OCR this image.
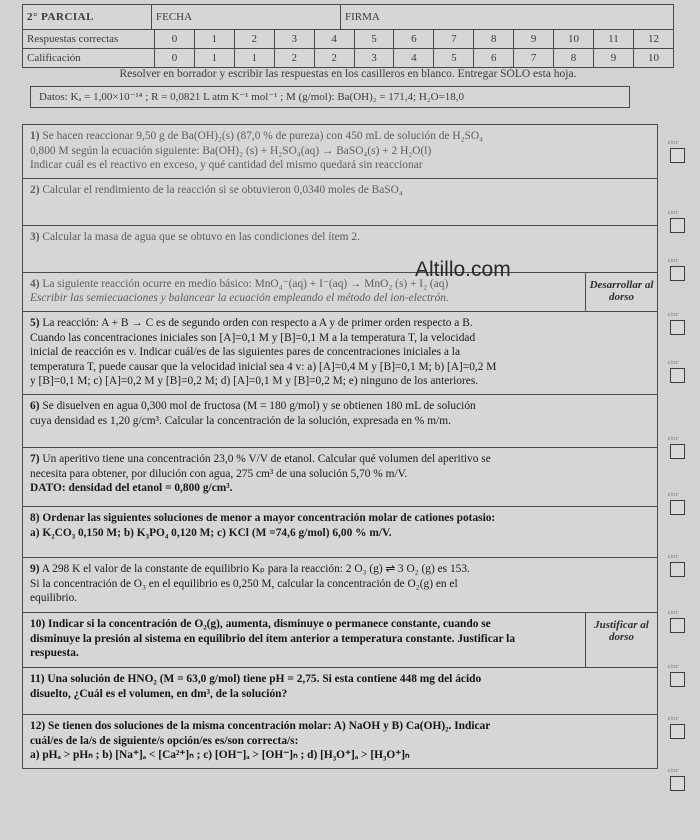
2° PARCIAL	FECHA	FIRMA
Respuestas correctas	0	1	2	3	4	5	6	7	8	9	10	11	12
Calificación	0	1	1	2	2	3	4	5	6	7	8	9	10
Resolver en borrador y escribir las respuestas en los casilleros en blanco. Entregar SÓLO esta hoja.
Datos: Kₐ = 1,00×10⁻¹⁴ ; R = 0,0821 L atm K⁻¹ mol⁻¹ ; M (g/mol): Ba(OH)₂ = 171,4; H₂O=18,0
1) Se hacen reaccionar 9,50 g de Ba(OH)₂(s) (87,0 % de pureza) con 450 mL de solución de H₂SO₄
0,800 M según la ecuación siguiente: Ba(OH)₂ (s) + H₂SO₄(aq) → BaSO₄(s) + 2 H₂O(l)
Indicar cuál es el reactivo en exceso, y qué cantidad del mismo quedará sin reaccionar
2) Calcular el rendimiento de la reacción si se obtuvieron 0,0340 moles de BaSO₄
3) Calcular la masa de agua que se obtuvo en las condiciones del ítem 2.
4) La siguiente reacción ocurre en medio básico: MnO₄⁻(aq) + I⁻(aq) → MnO₂ (s) + I₂ (aq)
Escribir las semiecuaciones y balancear la ecuación empleando el método del ion-electrón.
Desarrollar al dorso
5) La reacción: A + B → C es de segundo orden con respecto a A y de primer orden respecto a B.
Cuando las concentraciones iniciales son [A]=0,1 M y [B]=0,1 M a la temperatura T, la velocidad
inicial de reacción es v. Indicar cuál/es de las siguientes pares de concentraciones iniciales a la
temperatura T, puede causar que la velocidad inicial sea 4 v: a) [A]=0,4 M y [B]=0,1 M; b) [A]=0,2 M
y [B]=0,1 M; c) [A]=0,2 M y [B]=0,2 M; d) [A]=0,1 M y [B]=0,2 M; e) ninguno de los anteriores.
6) Se disuelven en agua 0,300 mol de fructosa (M = 180 g/mol) y se obtienen 180 mL de solución
cuya densidad es 1,20 g/cm³. Calcular la concentración de la solución, expresada en % m/m.
7) Un aperitivo tiene una concentración 23,0 % V/V de etanol. Calcular qué volumen del aperitivo se
necesita para obtener, por dilución con agua, 275 cm³ de una solución 5,70 % m/V.
DATO: densidad del etanol = 0,800 g/cm³.
8) Ordenar las siguientes soluciones de menor a mayor concentración molar de cationes potasio:
a) K₂CO₃ 0,150 M; b) K₃PO₄ 0,120 M; c) KCl (M =74,6 g/mol) 6,00 % m/V.
9) A 298 K el valor de la constante de equilibrio Kₚ para la reacción: 2 O₃ (g) ⇌ 3 O₂ (g) es 153.
Si la concentración de O₃ en el equilibrio es 0,250 M, calcular la concentración de O₂(g) en el
equilibrio.
10) Indicar si la concentración de O₂(g), aumenta, disminuye o permanece constante, cuando se
disminuye la presión al sistema en equilibrio del ítem anterior a temperatura constante. Justificar la
respuesta.
Justificar al dorso
11) Una solución de HNO₂ (M = 63,0 g/mol) tiene pH = 2,75. Si esta contiene 448 mg del ácido
disuelto, ¿Cuál es el volumen, en dm³, de la solución?
12) Se tienen dos soluciones de la misma concentración molar: A) NaOH y B) Ca(OH)₂. Indicar
cuál/es de la/s de siguiente/s opción/es es/son correcta/s:
a) pHₐ > pHₙ ; b) [Na⁺]ₐ < [Ca²⁺]ₙ ; c) [OH⁻]ₐ > [OH⁻]ₙ ; d) [H₃O⁺]ₐ > [H₃O⁺]ₙ
circ
circ
circ
circ
circ
circ
circ
circ
circ
circ
circ
circ
Altillo.com
